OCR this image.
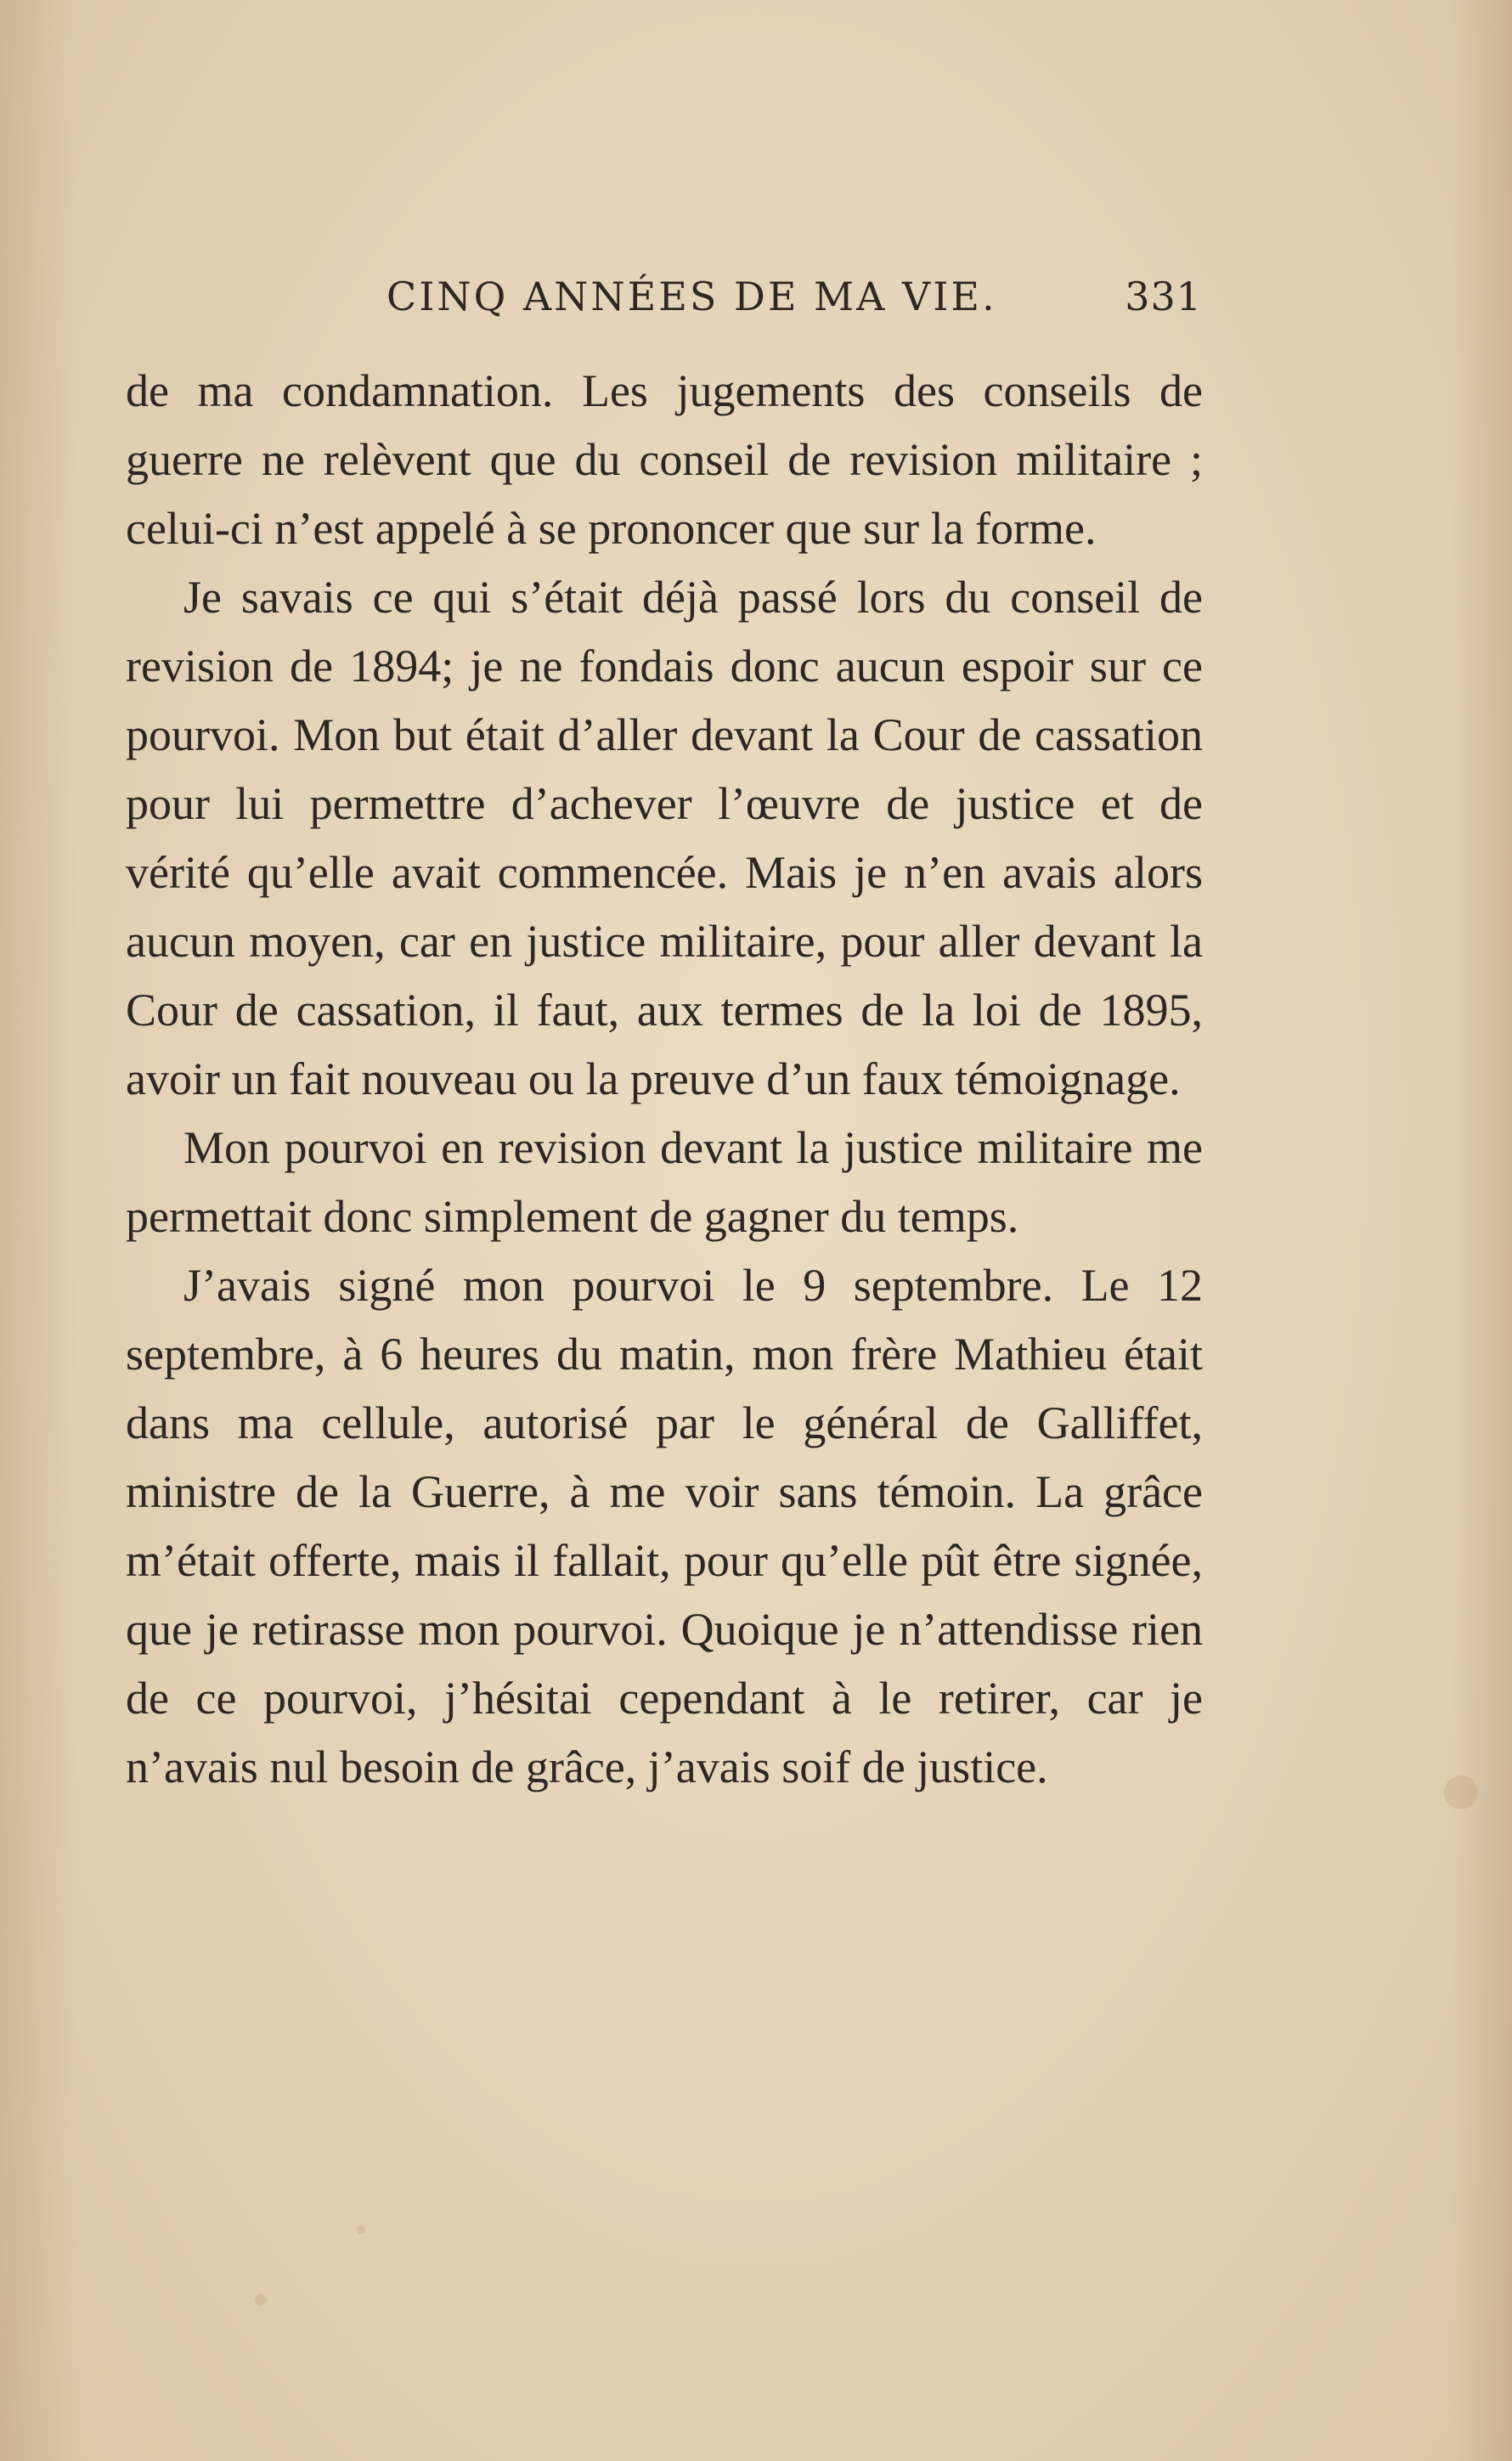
CINQ ANNÉES DE MA VIE.	331

de ma condamnation. Les jugements des conseils de guerre ne relèvent que du conseil de revision militaire ; celui-ci n’est appelé à se prononcer que sur la forme.

Je savais ce qui s’était déjà passé lors du conseil de revision de 1894; je ne fondais donc aucun espoir sur ce pourvoi. Mon but était d’aller devant la Cour de cassation pour lui permettre d’achever l’œuvre de justice et de vérité qu’elle avait commencée. Mais je n’en avais alors aucun moyen, car en justice militaire, pour aller devant la Cour de cassation, il faut, aux termes de la loi de 1895, avoir un fait nouveau ou la preuve d’un faux témoignage.

Mon pourvoi en revision devant la justice militaire me permettait donc simplement de gagner du temps.

J’avais signé mon pourvoi le 9 septembre. Le 12 septembre, à 6 heures du matin, mon frère Mathieu était dans ma cellule, autorisé par le général de Galliffet, ministre de la Guerre, à me voir sans témoin. La grâce m’était offerte, mais il fallait, pour qu’elle pût être signée, que je retirasse mon pourvoi. Quoique je n’attendisse rien de ce pourvoi, j’hésitai cependant à le retirer, car je n’avais nul besoin de grâce, j’avais soif de justice.
